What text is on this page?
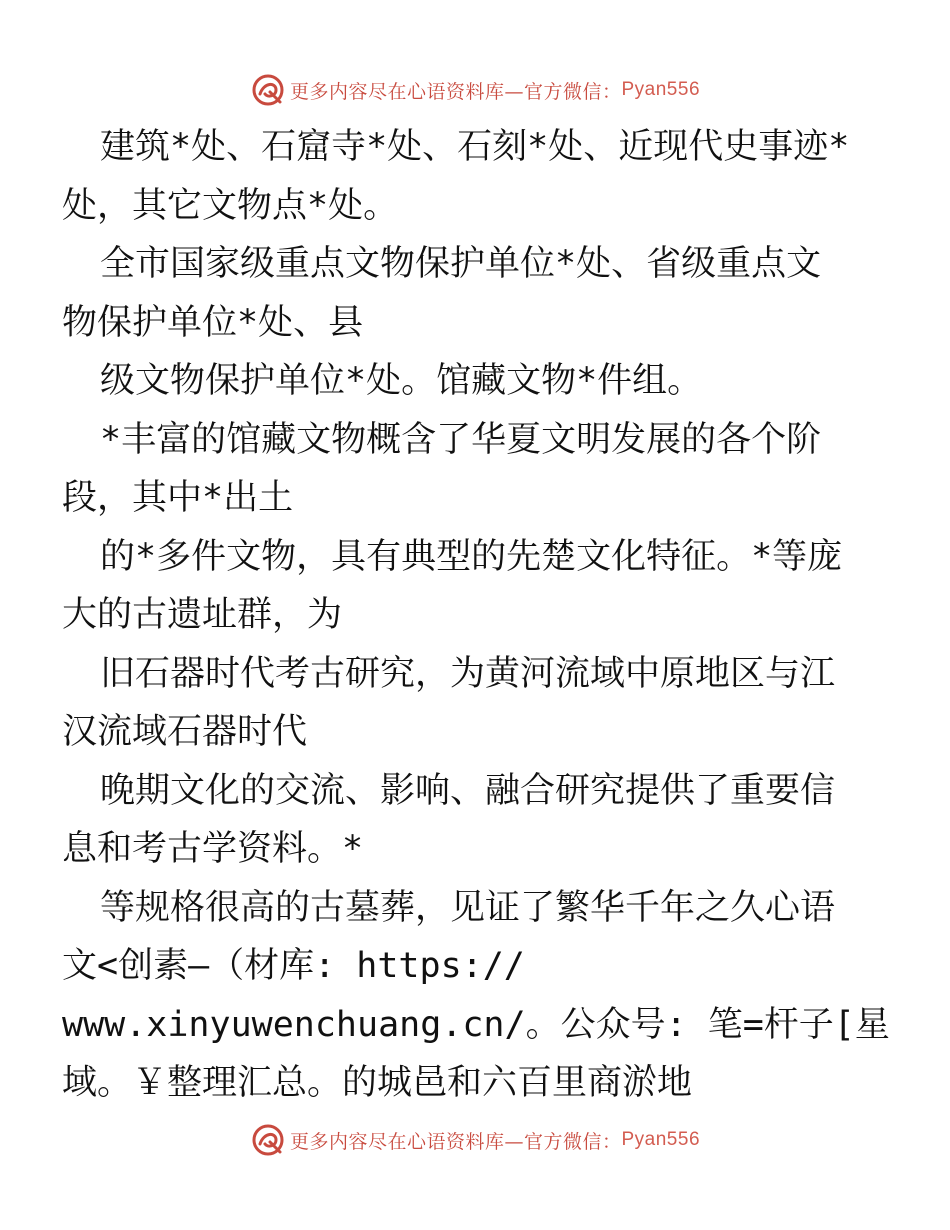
更多内容尽在心语资料库—官方微信： Pyan556
建筑*处、石窟寺*处、石刻*处、近现代史事迹*
处，其它文物点*处。
全市国家级重点文物保护单位*处、省级重点文
物保护单位*处、县
级文物保护单位*处。馆藏文物*件组。
*丰富的馆藏文物概含了华夏文明发展的各个阶
段，其中*出土
的*多件文物，具有典型的先楚文化特征。*等庞
大的古遗址群，为
旧石器时代考古研究，为黄河流域中原地区与江
汉流域石器时代
晚期文化的交流、影响、融合研究提供了重要信
息和考古学资料。*
等规格很高的古墓葬，见证了繁华千年之久心语
文<创素—（材库: https://
www.xinyuwenchuang.cn/。公众号: 笔=杆子[星
域。￥整理汇总。的城邑和六百里商淤地
更多内容尽在心语资料库—官方微信： Pyan556
